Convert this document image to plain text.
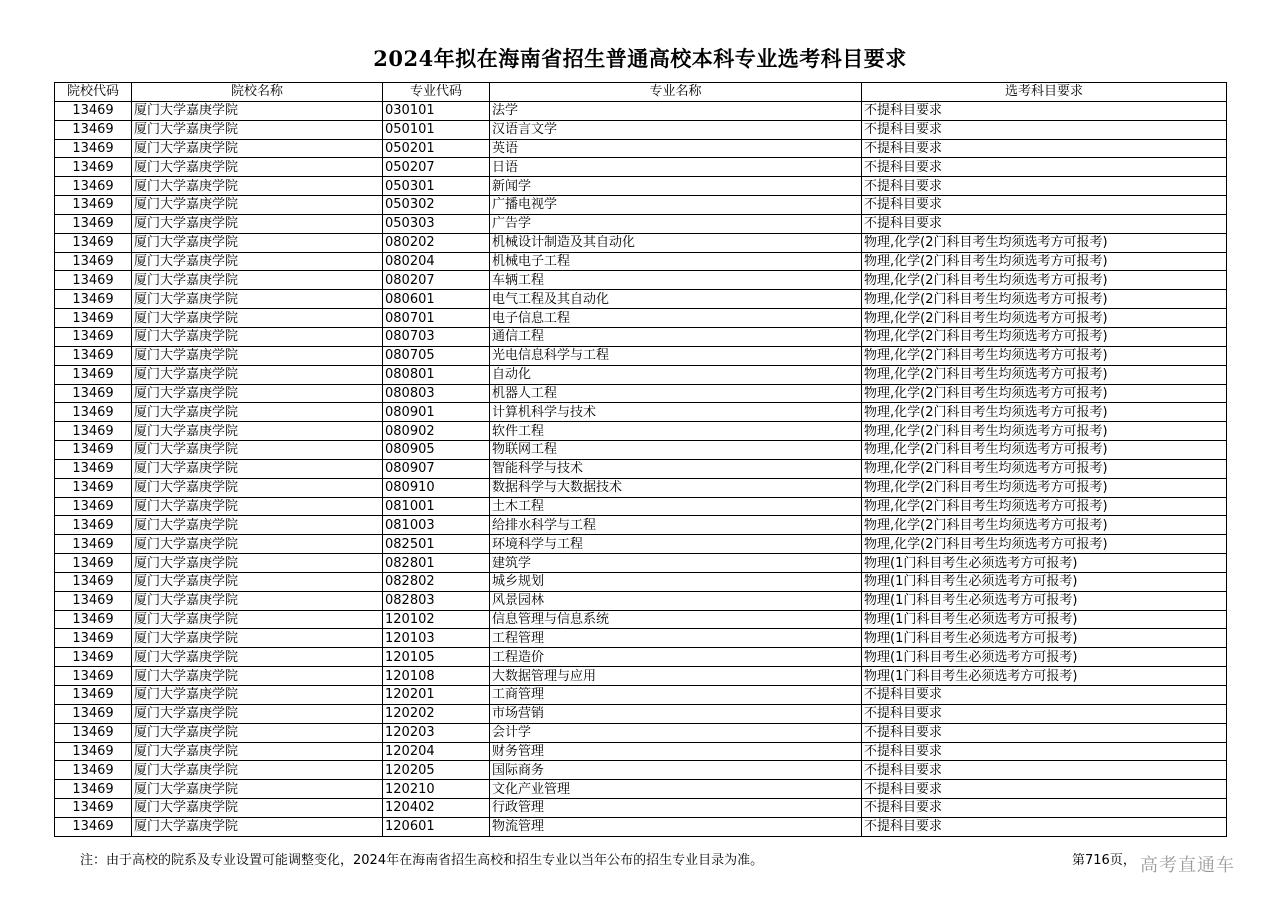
2024年拟在海南省招生普通高校本科专业选考科目要求
院校代码	院校名称	专业代码	专业名称	选考科目要求
13469	厦门大学嘉庚学院	030101	法学	不提科目要求
13469	厦门大学嘉庚学院	050101	汉语言文学	不提科目要求
13469	厦门大学嘉庚学院	050201	英语	不提科目要求
13469	厦门大学嘉庚学院	050207	日语	不提科目要求
13469	厦门大学嘉庚学院	050301	新闻学	不提科目要求
13469	厦门大学嘉庚学院	050302	广播电视学	不提科目要求
13469	厦门大学嘉庚学院	050303	广告学	不提科目要求
13469	厦门大学嘉庚学院	080202	机械设计制造及其自动化	物理,化学(2门科目考生均须选考方可报考)
13469	厦门大学嘉庚学院	080204	机械电子工程	物理,化学(2门科目考生均须选考方可报考)
13469	厦门大学嘉庚学院	080207	车辆工程	物理,化学(2门科目考生均须选考方可报考)
13469	厦门大学嘉庚学院	080601	电气工程及其自动化	物理,化学(2门科目考生均须选考方可报考)
13469	厦门大学嘉庚学院	080701	电子信息工程	物理,化学(2门科目考生均须选考方可报考)
13469	厦门大学嘉庚学院	080703	通信工程	物理,化学(2门科目考生均须选考方可报考)
13469	厦门大学嘉庚学院	080705	光电信息科学与工程	物理,化学(2门科目考生均须选考方可报考)
13469	厦门大学嘉庚学院	080801	自动化	物理,化学(2门科目考生均须选考方可报考)
13469	厦门大学嘉庚学院	080803	机器人工程	物理,化学(2门科目考生均须选考方可报考)
13469	厦门大学嘉庚学院	080901	计算机科学与技术	物理,化学(2门科目考生均须选考方可报考)
13469	厦门大学嘉庚学院	080902	软件工程	物理,化学(2门科目考生均须选考方可报考)
13469	厦门大学嘉庚学院	080905	物联网工程	物理,化学(2门科目考生均须选考方可报考)
13469	厦门大学嘉庚学院	080907	智能科学与技术	物理,化学(2门科目考生均须选考方可报考)
13469	厦门大学嘉庚学院	080910	数据科学与大数据技术	物理,化学(2门科目考生均须选考方可报考)
13469	厦门大学嘉庚学院	081001	土木工程	物理,化学(2门科目考生均须选考方可报考)
13469	厦门大学嘉庚学院	081003	给排水科学与工程	物理,化学(2门科目考生均须选考方可报考)
13469	厦门大学嘉庚学院	082501	环境科学与工程	物理,化学(2门科目考生均须选考方可报考)
13469	厦门大学嘉庚学院	082801	建筑学	物理(1门科目考生必须选考方可报考)
13469	厦门大学嘉庚学院	082802	城乡规划	物理(1门科目考生必须选考方可报考)
13469	厦门大学嘉庚学院	082803	风景园林	物理(1门科目考生必须选考方可报考)
13469	厦门大学嘉庚学院	120102	信息管理与信息系统	物理(1门科目考生必须选考方可报考)
13469	厦门大学嘉庚学院	120103	工程管理	物理(1门科目考生必须选考方可报考)
13469	厦门大学嘉庚学院	120105	工程造价	物理(1门科目考生必须选考方可报考)
13469	厦门大学嘉庚学院	120108	大数据管理与应用	物理(1门科目考生必须选考方可报考)
13469	厦门大学嘉庚学院	120201	工商管理	不提科目要求
13469	厦门大学嘉庚学院	120202	市场营销	不提科目要求
13469	厦门大学嘉庚学院	120203	会计学	不提科目要求
13469	厦门大学嘉庚学院	120204	财务管理	不提科目要求
13469	厦门大学嘉庚学院	120205	国际商务	不提科目要求
13469	厦门大学嘉庚学院	120210	文化产业管理	不提科目要求
13469	厦门大学嘉庚学院	120402	行政管理	不提科目要求
13469	厦门大学嘉庚学院	120601	物流管理	不提科目要求
注：由于高校的院系及专业设置可能调整变化，2024年在海南省招生高校和招生专业以当年公布的招生专业目录为准。	第716页， 高考直通车
